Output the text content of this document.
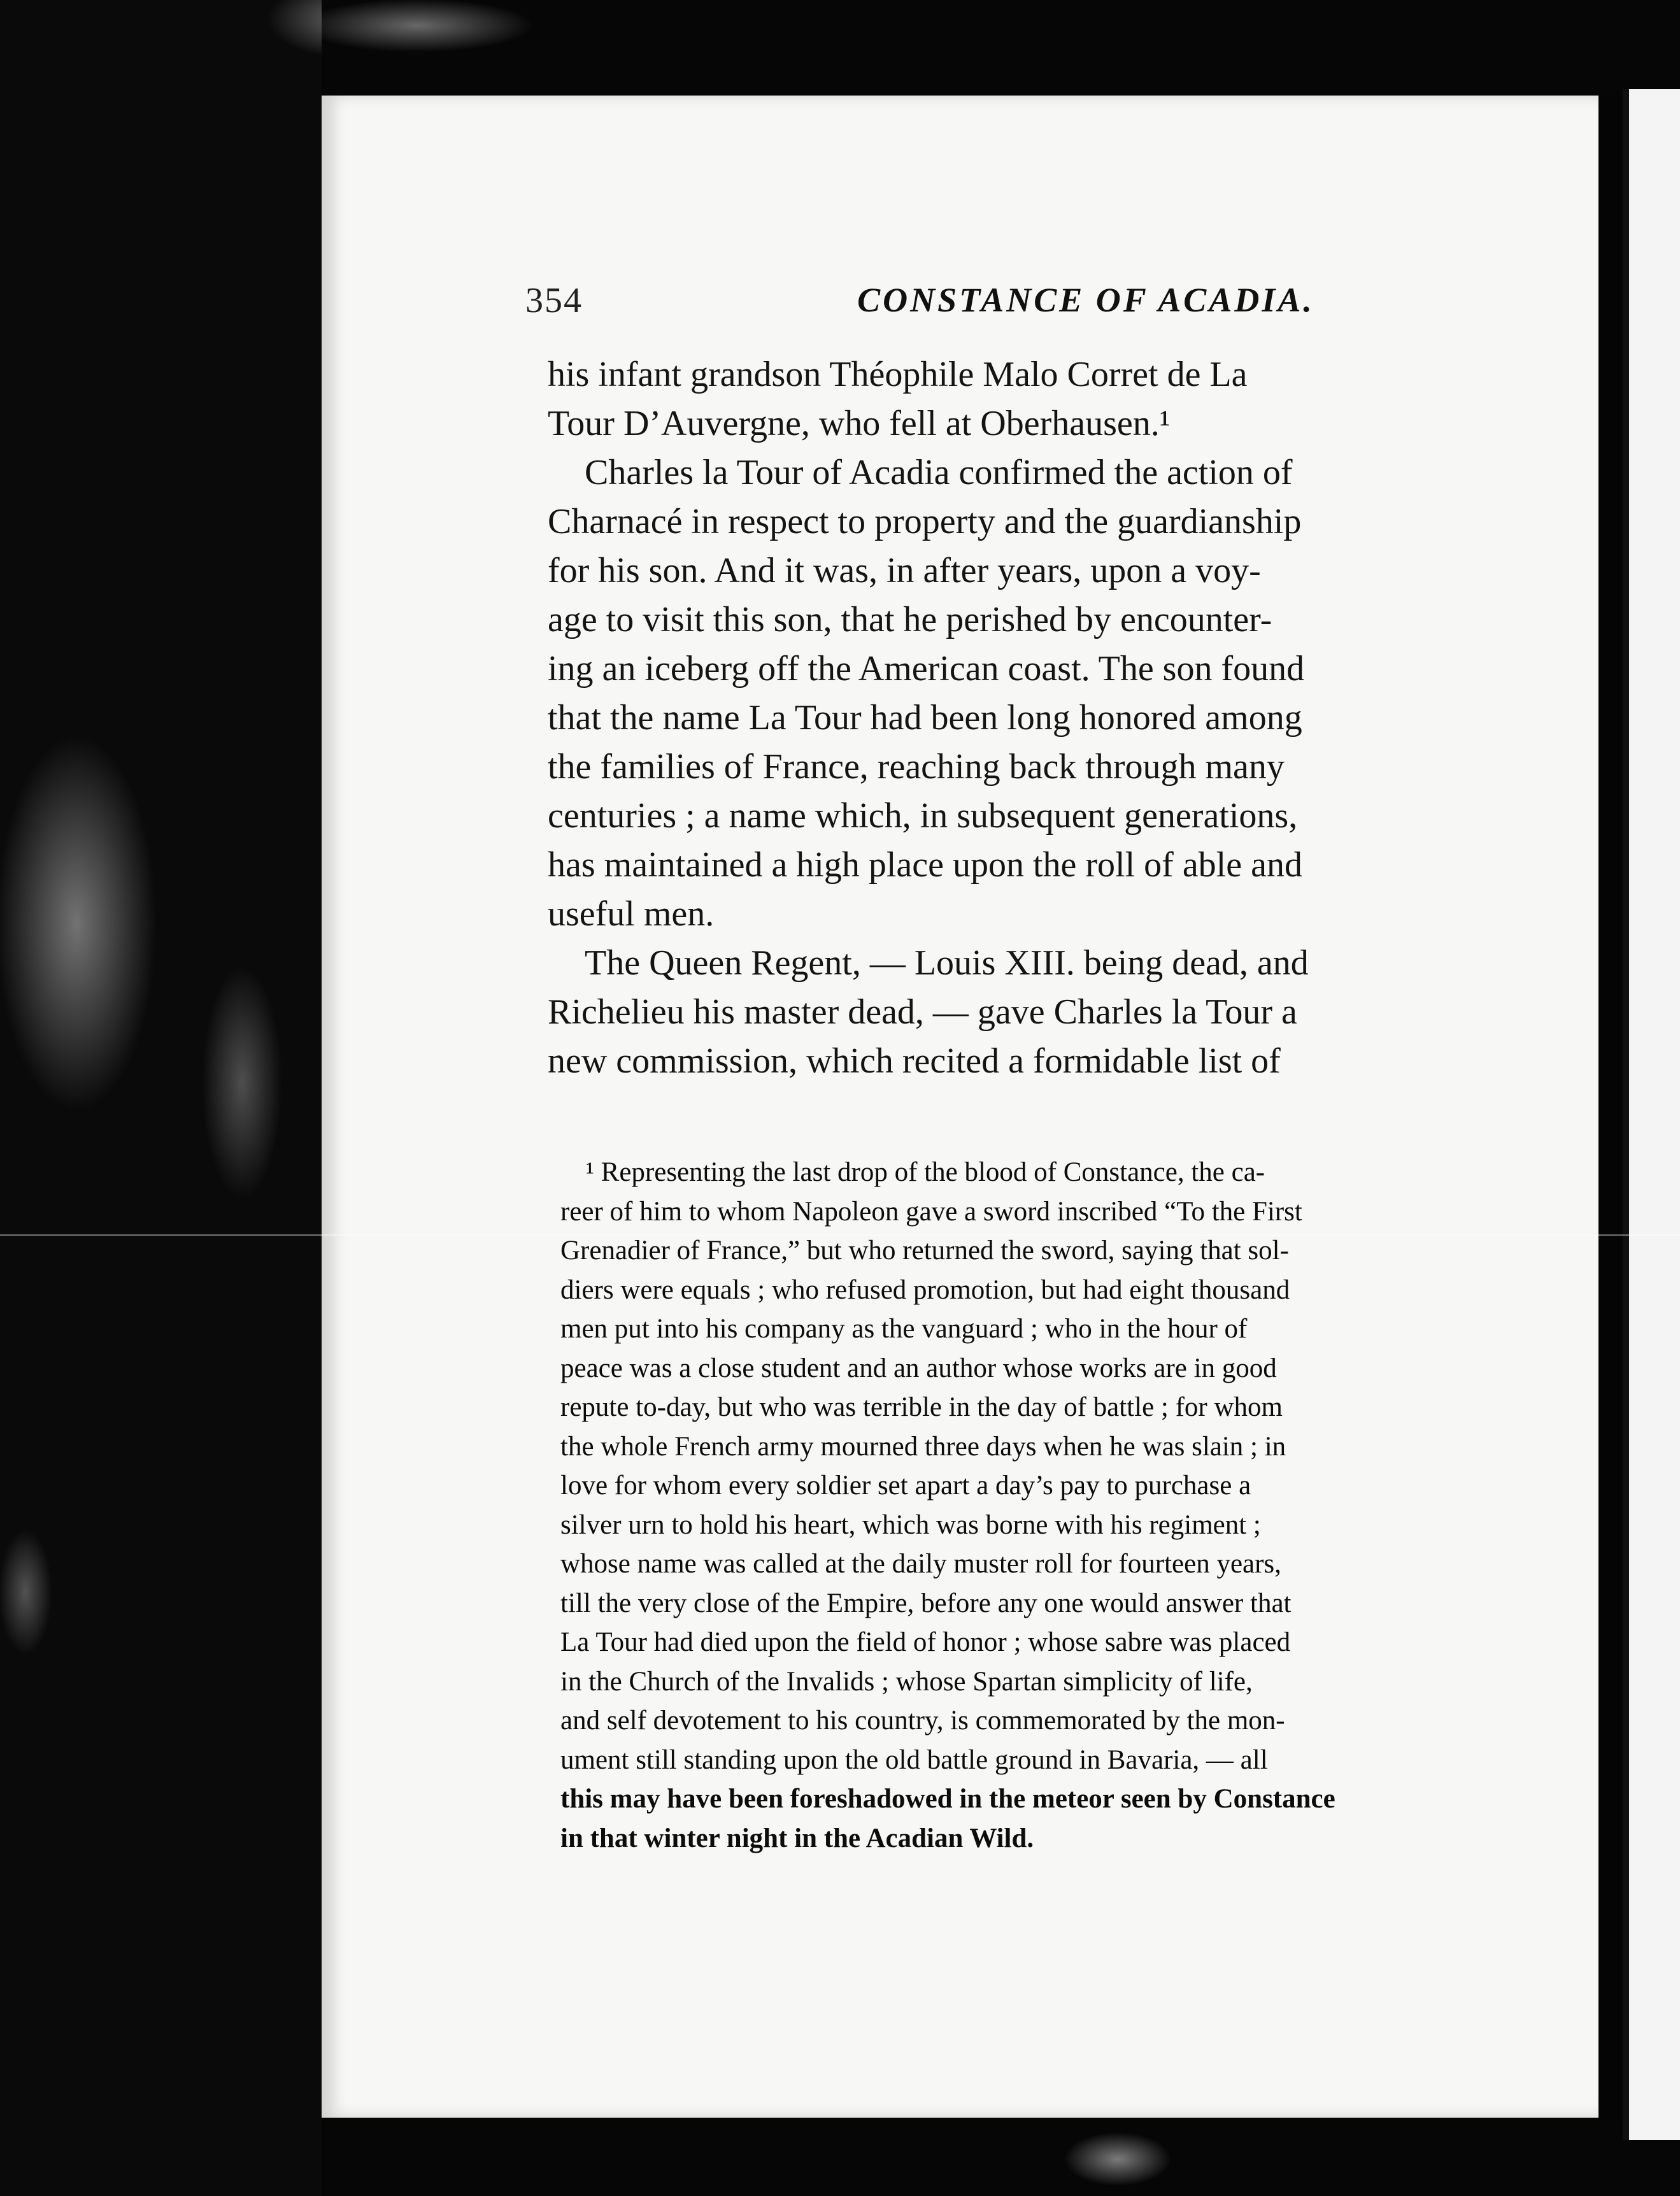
354	CONSTANCE OF ACADIA.
his infant grandson Théophile Malo Corret de La
Tour D’Auvergne, who fell at Oberhausen.¹
Charles la Tour of Acadia confirmed the action of
Charnacé in respect to property and the guardianship
for his son. And it was, in after years, upon a voy-
age to visit this son, that he perished by encounter-
ing an iceberg off the American coast. The son found
that the name La Tour had been long honored among
the families of France, reaching back through many
centuries ; a name which, in subsequent generations,
has maintained a high place upon the roll of able and
useful men.
The Queen Regent, — Louis XIII. being dead, and
Richelieu his master dead, — gave Charles la Tour a
new commission, which recited a formidable list of
¹ Representing the last drop of the blood of Constance, the ca-
reer of him to whom Napoleon gave a sword inscribed “To the First
Grenadier of France,” but who returned the sword, saying that sol-
diers were equals ; who refused promotion, but had eight thousand
men put into his company as the vanguard ; who in the hour of
peace was a close student and an author whose works are in good
repute to-day, but who was terrible in the day of battle ; for whom
the whole French army mourned three days when he was slain ; in
love for whom every soldier set apart a day’s pay to purchase a
silver urn to hold his heart, which was borne with his regiment ;
whose name was called at the daily muster roll for fourteen years,
till the very close of the Empire, before any one would answer that
La Tour had died upon the field of honor ; whose sabre was placed
in the Church of the Invalids ; whose Spartan simplicity of life,
and self devotement to his country, is commemorated by the mon-
ument still standing upon the old battle ground in Bavaria, — all
this may have been foreshadowed in the meteor seen by Constance
in that winter night in the Acadian Wild.
